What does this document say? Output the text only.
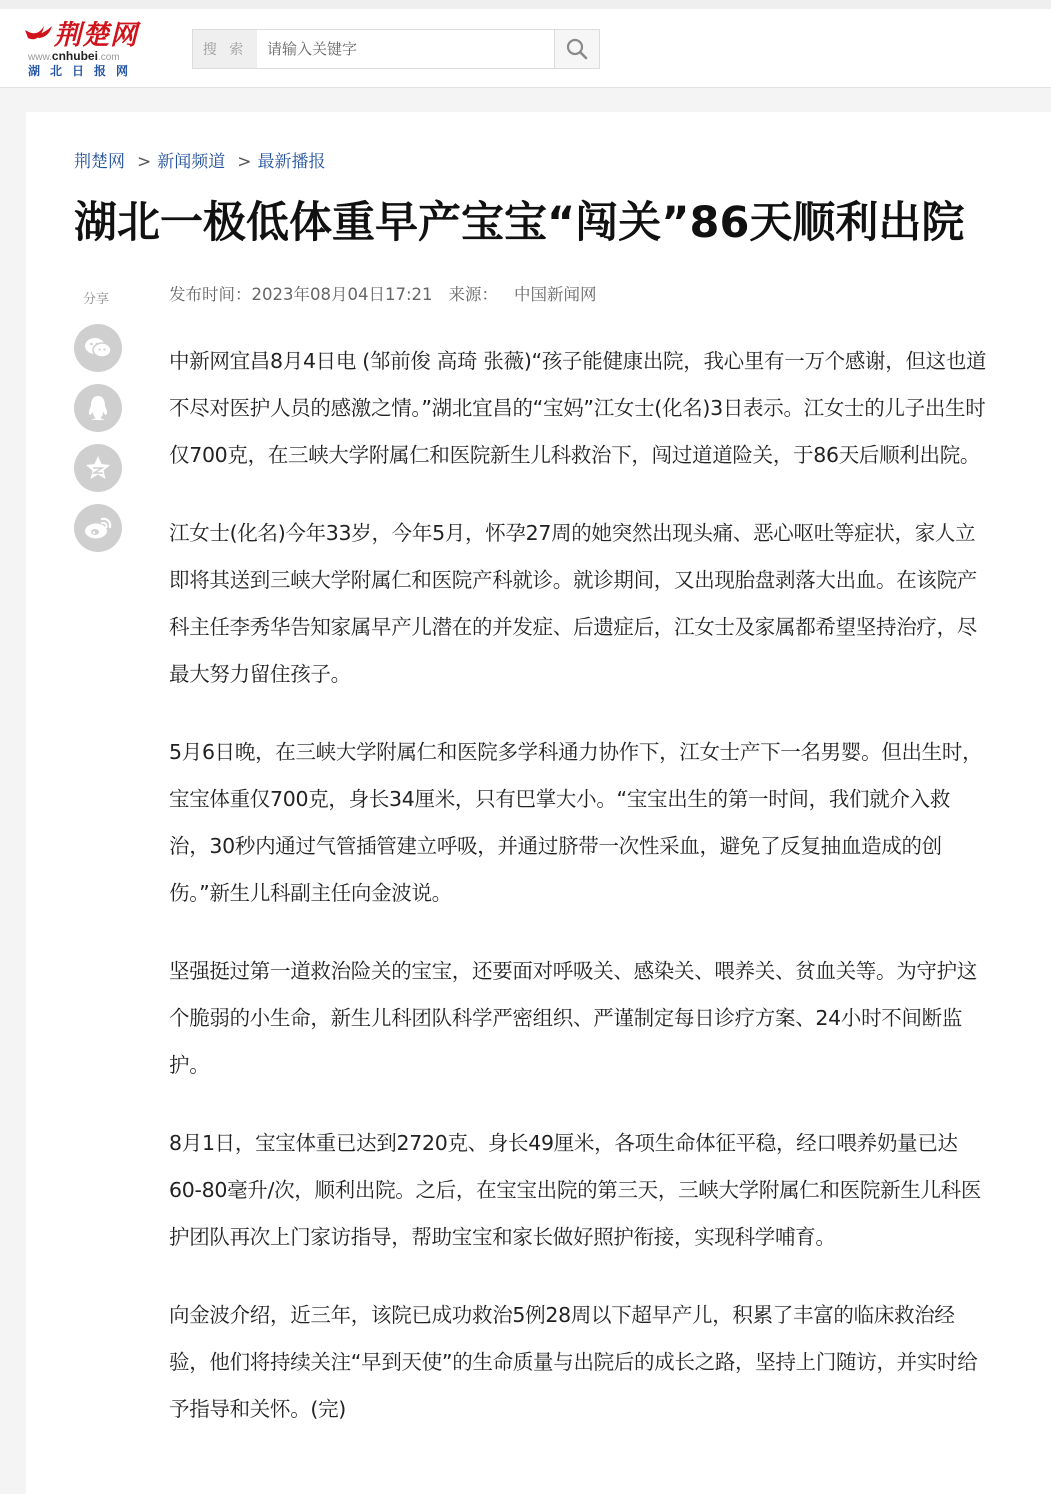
荆楚网
www.cnhubei.com
湖北日报网
搜 索
请输入关键字
荆楚网 > 新闻频道 > 最新播报
湖北一极低体重早产宝宝“闯关”86天顺利出院
发布时间：2023年08月04日17:21 来源： 中国新闻网
分享

中新网宜昌8月4日电 (邹前俊 高琦 张薇)“孩子能健康出院，我心里有一万个感谢，但这也道不尽对医护人员的感激之情。”湖北宜昌的“宝妈”江女士(化名)3日表示。江女士的儿子出生时仅700克，在三峡大学附属仁和医院新生儿科救治下，闯过道道险关，于86天后顺利出院。

江女士(化名)今年33岁，今年5月，怀孕27周的她突然出现头痛、恶心呕吐等症状，家人立即将其送到三峡大学附属仁和医院产科就诊。就诊期间，又出现胎盘剥落大出血。在该院产科主任李秀华告知家属早产儿潜在的并发症、后遗症后，江女士及家属都希望坚持治疗，尽最大努力留住孩子。

5月6日晚，在三峡大学附属仁和医院多学科通力协作下，江女士产下一名男婴。但出生时，宝宝体重仅700克，身长34厘米，只有巴掌大小。“宝宝出生的第一时间，我们就介入救治，30秒内通过气管插管建立呼吸，并通过脐带一次性采血，避免了反复抽血造成的创伤。”新生儿科副主任向金波说。

坚强挺过第一道救治险关的宝宝，还要面对呼吸关、感染关、喂养关、贫血关等。为守护这个脆弱的小生命，新生儿科团队科学严密组织、严谨制定每日诊疗方案、24小时不间断监护。

8月1日，宝宝体重已达到2720克、身长49厘米，各项生命体征平稳，经口喂养奶量已达60-80毫升/次，顺利出院。之后，在宝宝出院的第三天，三峡大学附属仁和医院新生儿科医护团队再次上门家访指导，帮助宝宝和家长做好照护衔接，实现科学哺育。

向金波介绍，近三年，该院已成功救治5例28周以下超早产儿，积累了丰富的临床救治经验，他们将持续关注“早到天使”的生命质量与出院后的成长之路，坚持上门随访，并实时给予指导和关怀。(完)
